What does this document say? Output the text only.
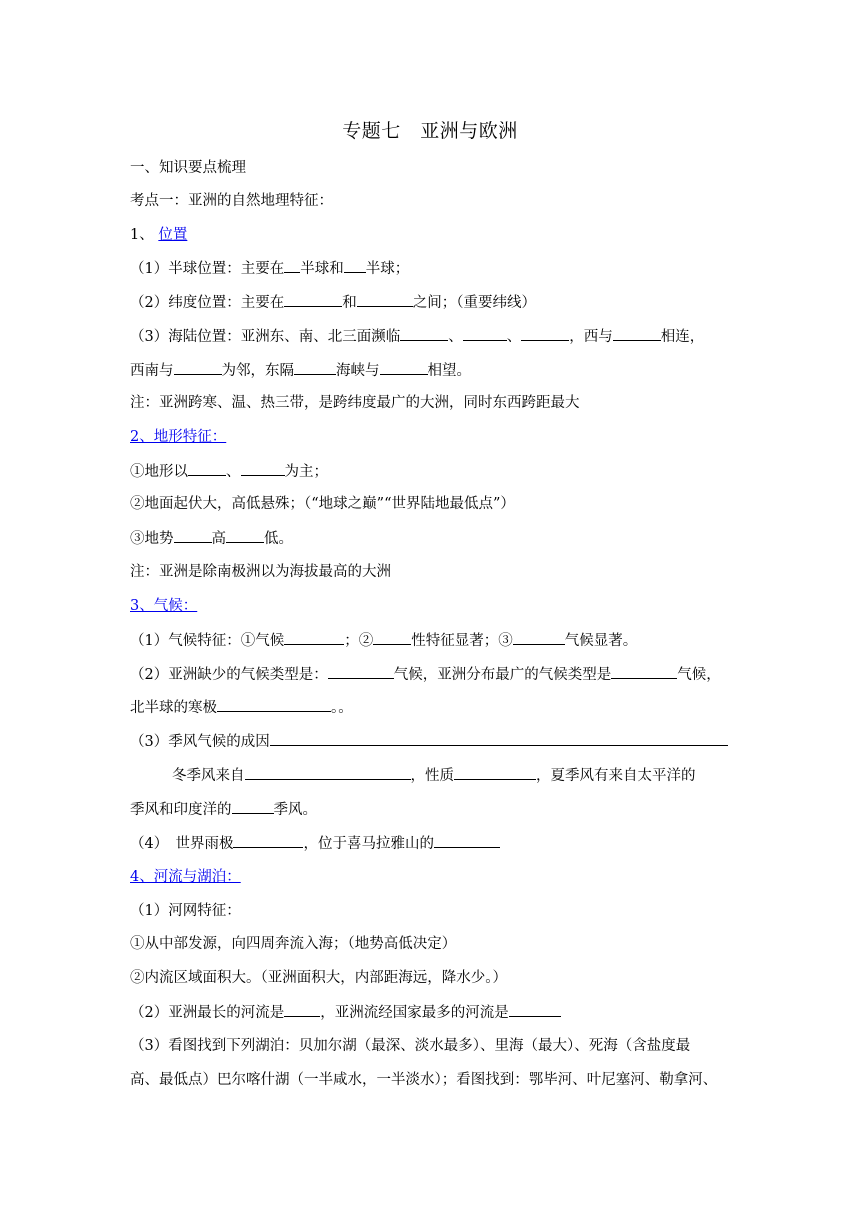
专题七　亚洲与欧洲
一、知识要点梳理
考点一：亚洲的自然地理特征：
1、 位置
（1）半球位置：主要在 半球和 半球；
（2）纬度位置：主要在	和	之间；（重要纬线）
（3）海陆位置：亚洲东、南、北三面濒临	、	、	，西与	相连，
西南与	为邻，东隔	海峡与	相望。
注：亚洲跨寒、温、热三带，是跨纬度最广的大洲，同时东西跨距最大
2、地形特征：
①地形以	、	为主；
②地面起伏大，高低悬殊；（“地球之巅”“世界陆地最低点”）
③地势	高	低。
注：亚洲是除南极洲以为海拔最高的大洲
3、气候：
（1）气候特征：①气候	；②	性特征显著；③	气候显著。
（2）亚洲缺少的气候类型是：	气候，亚洲分布最广的气候类型是	气候，
北半球的寒极	。。
（3）季风气候的成因
冬季风来自	，性质	，夏季风有来自太平洋的
季风和印度洋的	季风。
（4）　世界雨极	，位于喜马拉雅山的
4、河流与湖泊：
（1）河网特征：
①从中部发源，向四周奔流入海；（地势高低决定）
②内流区域面积大。（亚洲面积大，内部距海远，降水少。）
（2）亚洲最长的河流是 ，亚洲流经国家最多的河流是
（3）看图找到下列湖泊：贝加尔湖（最深、淡水最多）、里海（最大）、死海（含盐度最
高、最低点）巴尔喀什湖（一半咸水，一半淡水）；看图找到：鄂毕河、叶尼塞河、勒拿河、
